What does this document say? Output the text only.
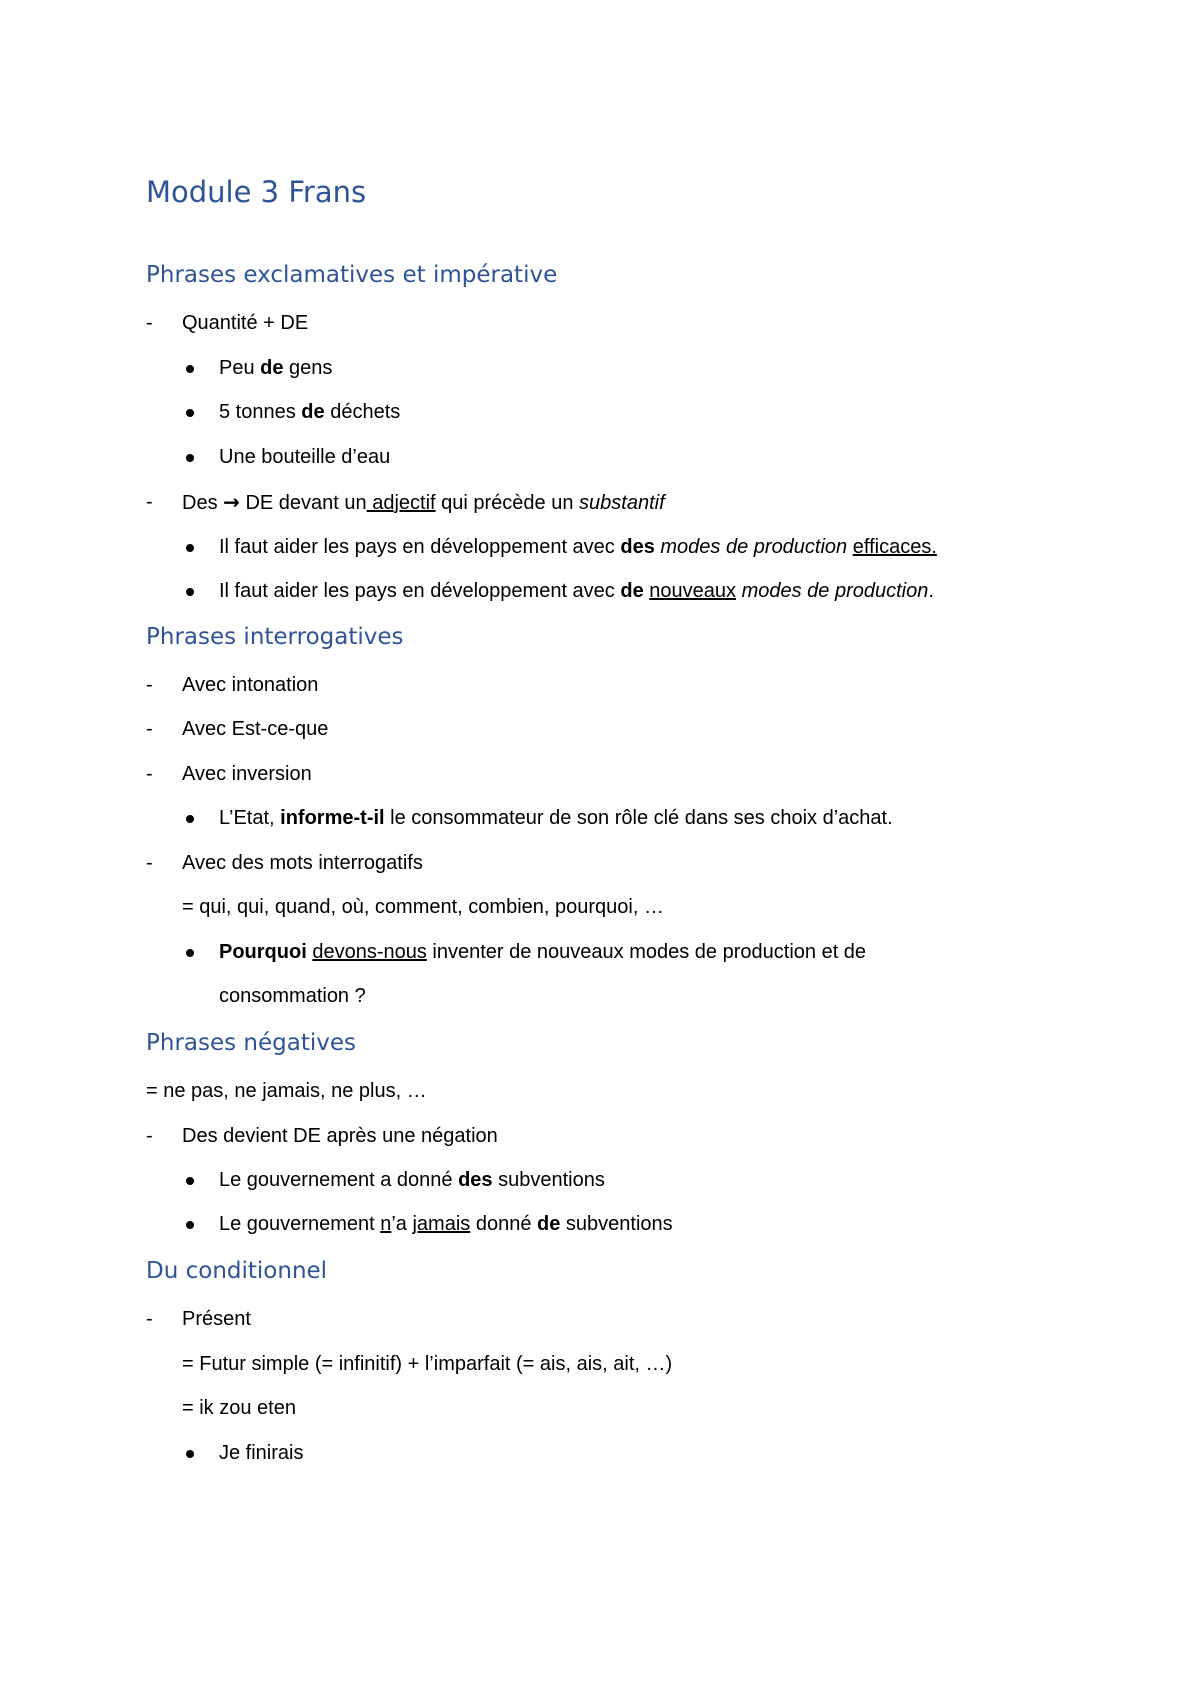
Module 3 Frans
Phrases exclamatives et impérative
- Quantité + DE
Peu de gens
5 tonnes de déchets
Une bouteille d’eau
- Des → DE devant un adjectif qui précède un substantif
Il faut aider les pays en développement avec des modes de production efficaces.
Il faut aider les pays en développement avec de nouveaux modes de production.
Phrases interrogatives
- Avec intonation
- Avec Est-ce-que
- Avec inversion
L’Etat, informe-t-il le consommateur de son rôle clé dans ses choix d’achat.
- Avec des mots interrogatifs
= qui, qui, quand, où, comment, combien, pourquoi, …
Pourquoi devons-nous inventer de nouveaux modes de production et de
consommation ?
Phrases négatives
= ne pas, ne jamais, ne plus, …
- Des devient DE après une négation
Le gouvernement a donné des subventions
Le gouvernement n’a jamais donné de subventions
Du conditionnel
- Présent
= Futur simple (= infinitif) + l’imparfait (= ais, ais, ait, …)
= ik zou eten
Je finirais
